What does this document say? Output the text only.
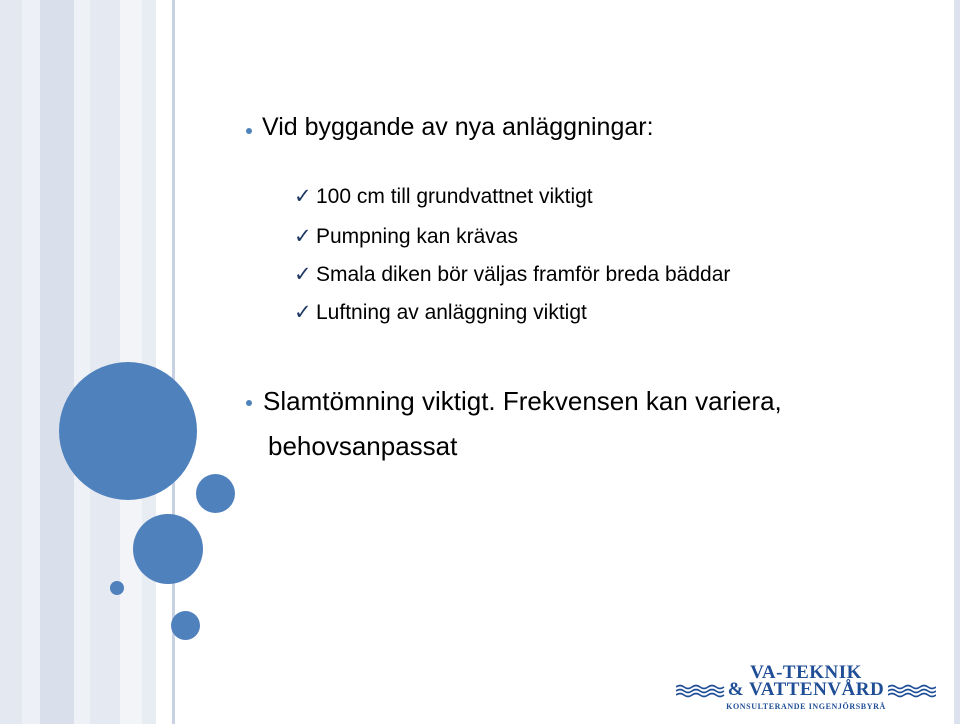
Vid byggande av nya anläggningar:
✓ 100 cm till grundvattnet viktigt
✓ Pumpning kan krävas
✓ Smala diken bör väljas framför breda bäddar
✓ Luftning av anläggning viktigt
Slamtömning viktigt. Frekvensen kan variera,
behovsanpassat
VA-TEKNIK
& VATTENVÅRD
KONSULTERANDE INGENJÖRSBYRÅ
